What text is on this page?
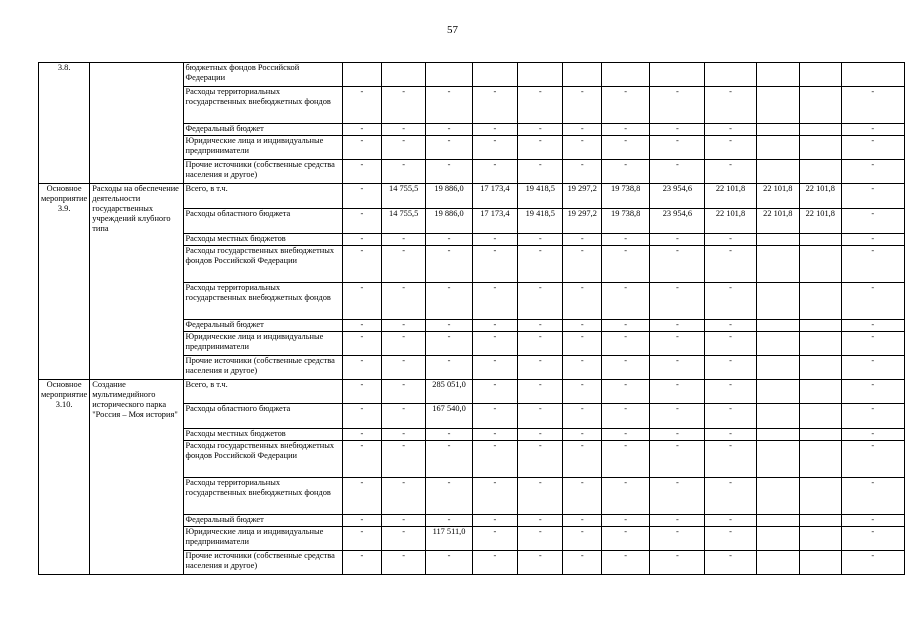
57
3.8.		бюджетных фондов Российской Федерации												
		Расходы территориальных государственных внебюджетных фондов	-	-	-	-	-	-	-	-	-			-
		Федеральный бюджет	-	-	-	-	-	-	-	-	-			-
		Юридические лица и индивидуальные предприниматели	-	-	-	-	-	-	-	-	-			-
		Прочие источники (собственные средства населения и другое)	-	-	-	-	-	-	-	-	-			-
Основное мероприятие 3.9.	Расходы на обеспечение деятельности государственных учреждений клубного типа	Всего, в т.ч.	-	14 755,5	19 886,0	17 173,4	19 418,5	19 297,2	19 738,8	23 954,6	22 101,8	22 101,8	22 101,8	-
		Расходы областного бюджета	-	14 755,5	19 886,0	17 173,4	19 418,5	19 297,2	19 738,8	23 954,6	22 101,8	22 101,8	22 101,8	-
		Расходы местных бюджетов	-	-	-	-	-	-	-	-	-			-
		Расходы государственных внебюджетных фондов Российской Федерации	-	-	-	-	-	-	-	-	-			-
		Расходы территориальных государственных внебюджетных фондов	-	-	-	-	-	-	-	-	-			-
		Федеральный бюджет	-	-	-	-	-	-	-	-	-			-
		Юридические лица и индивидуальные предприниматели	-	-	-	-	-	-	-	-	-			-
		Прочие источники (собственные средства населения и другое)	-	-	-	-	-	-	-	-	-			-
Основное мероприятие 3.10.	Создание мультимедийного исторического парка "Россия – Моя история"	Всего, в т.ч.	-	-	285 051,0	-	-	-	-	-	-			-
		Расходы областного бюджета	-	-	167 540,0	-	-	-	-	-	-			-
		Расходы местных бюджетов	-	-	-	-	-	-	-	-	-			-
		Расходы государственных внебюджетных фондов Российской Федерации	-	-	-	-	-	-	-	-	-			-
		Расходы территориальных государственных внебюджетных фондов	-	-	-	-	-	-	-	-	-			-
		Федеральный бюджет	-	-	-	-	-	-	-	-	-			-
		Юридические лица и индивидуальные предприниматели	-	-	117 511,0	-	-	-	-	-	-			-
		Прочие источники (собственные средства населения и другое)	-	-	-	-	-	-	-	-	-			-
